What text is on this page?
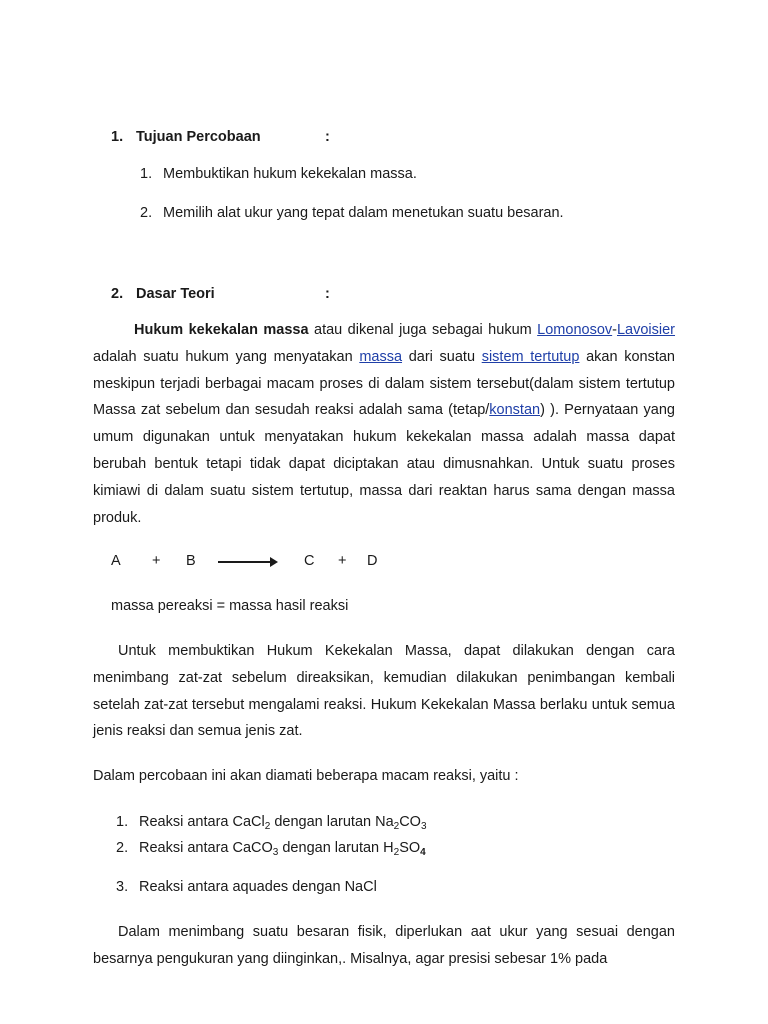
1. Tujuan Percobaan	:
1. Membuktikan hukum kekekalan massa.
2. Memilih alat ukur yang tepat dalam menetukan suatu besaran.
2. Dasar Teori	:
Hukum kekekalan massa atau dikenal juga sebagai hukum Lomonosov-Lavoisier adalah suatu hukum yang menyatakan massa dari suatu sistem tertutup akan konstan meskipun terjadi berbagai macam proses di dalam sistem tersebut(dalam sistem tertutup Massa zat sebelum dan sesudah reaksi adalah sama (tetap/konstan) ). Pernyataan yang umum digunakan untuk menyatakan hukum kekekalan massa adalah massa dapat berubah bentuk tetapi tidak dapat diciptakan atau dimusnahkan. Untuk suatu proses kimiawi di dalam suatu sistem tertutup, massa dari reaktan harus sama dengan massa produk.
A + B	C + D
massa pereaksi = massa hasil reaksi
Untuk membuktikan Hukum Kekekalan Massa, dapat dilakukan dengan cara menimbang zat-zat sebelum direaksikan, kemudian dilakukan penimbangan kembali setelah zat-zat tersebut mengalami reaksi. Hukum Kekekalan Massa berlaku untuk semua jenis reaksi dan semua jenis zat.
Dalam percobaan ini akan diamati beberapa macam reaksi, yaitu :
1. Reaksi antara CaCl$_2$ dengan larutan $Na_2CO_3$
2. Reaksi antara CaCO$_3$ dengan larutan $H_2SO_4$
3. Reaksi antara aquades dengan NaCl
Dalam menimbang suatu besaran fisik, diperlukan aat ukur yang sesuai dengan besarnya pengukuran yang diinginkan,. Misalnya, agar presisi sebesar 1% pada
